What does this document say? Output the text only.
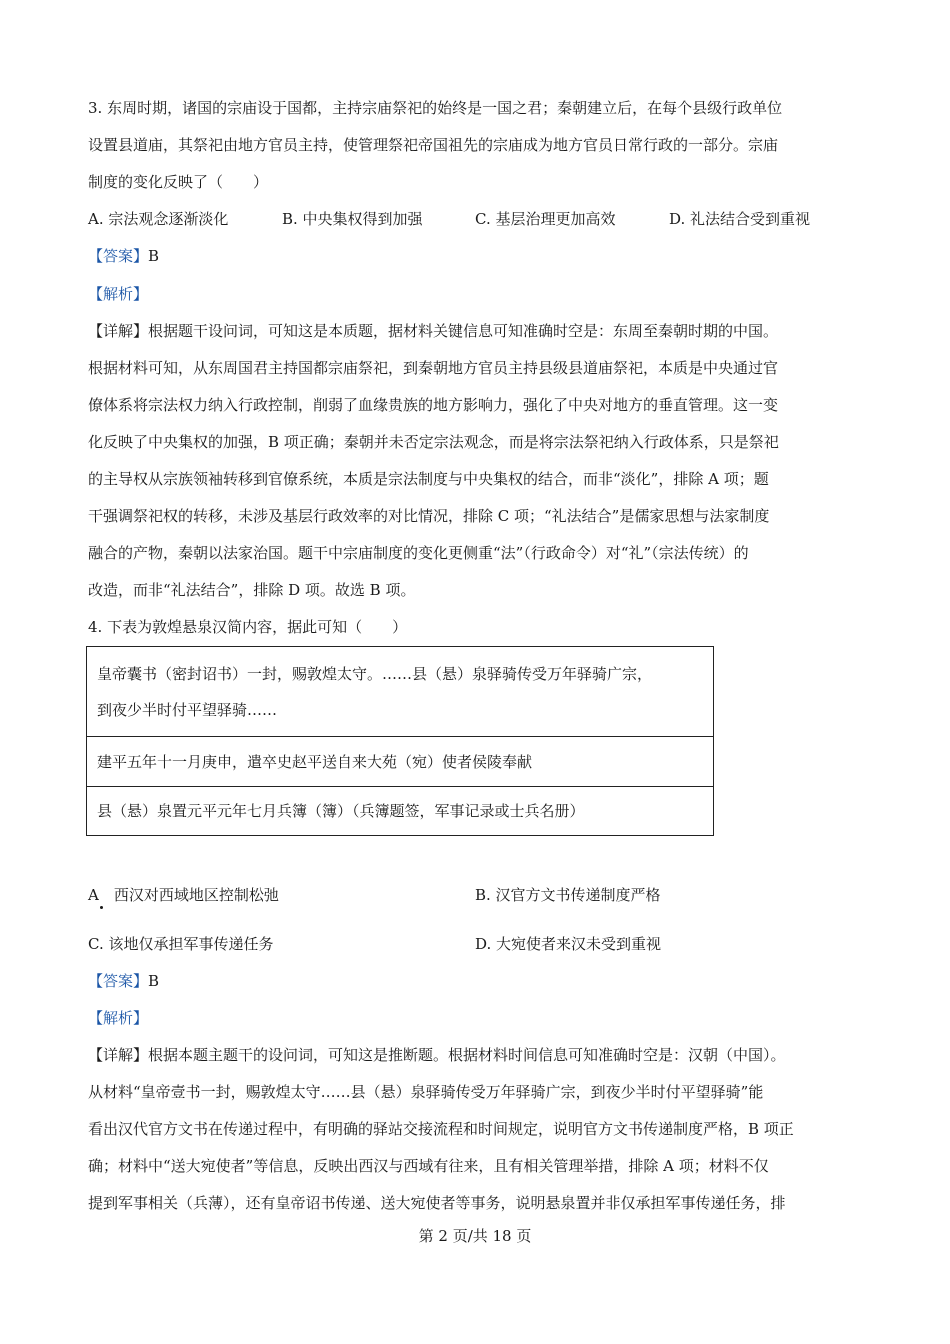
3. 东周时期，诸国的宗庙设于国都，主持宗庙祭祀的始终是一国之君；秦朝建立后，在每个县级行政单位
设置县道庙，其祭祀由地方官员主持，使管理祭祀帝国祖先的宗庙成为地方官员日常行政的一部分。宗庙
制度的变化反映了（　　）
A. 宗法观念逐渐淡化	B. 中央集权得到加强	C. 基层治理更加高效	D. 礼法结合受到重视
【答案】B
【解析】
【详解】根据题干设问词，可知这是本质题，据材料关键信息可知准确时空是：东周至秦朝时期的中国。
根据材料可知，从东周国君主持国都宗庙祭祀，到秦朝地方官员主持县级县道庙祭祀，本质是中央通过官
僚体系将宗法权力纳入行政控制，削弱了血缘贵族的地方影响力，强化了中央对地方的垂直管理。这一变
化反映了中央集权的加强，B 项正确；秦朝并未否定宗法观念，而是将宗法祭祀纳入行政体系，只是祭祀
的主导权从宗族领袖转移到官僚系统，本质是宗法制度与中央集权的结合，而非“淡化”，排除 A 项；题
干强调祭祀权的转移，未涉及基层行政效率的对比情况，排除 C 项；“礼法结合”是儒家思想与法家制度
融合的产物，秦朝以法家治国。题干中宗庙制度的变化更侧重“法”（行政命令）对“礼”（宗法传统）的
改造，而非“礼法结合”，排除 D 项。故选 B 项。
4. 下表为敦煌悬泉汉简内容，据此可知（　　）
皇帝囊书（密封诏书）一封，赐敦煌太守。……县（悬）泉驿骑传受万年驿骑广宗，
到夜少半时付平望驿骑……
建平五年十一月庚申，遣卒史赵平送自来大苑（宛）使者侯陵奉献
县（悬）泉置元平元年七月兵簿（簿）（兵簿题签，军事记录或士兵名册）
A　西汉对西域地区控制松弛	B. 汉官方文书传递制度严格
C. 该地仅承担军事传递任务	D. 大宛使者来汉未受到重视
【答案】B
【解析】
【详解】根据本题主题干的设问词，可知这是推断题。根据材料时间信息可知准确时空是：汉朝（中国）。
从材料“皇帝壹书一封，赐敦煌太守……县（悬）泉驿骑传受万年驿骑广宗，到夜少半时付平望驿骑”能
看出汉代官方文书在传递过程中，有明确的驿站交接流程和时间规定，说明官方文书传递制度严格，B 项正
确；材料中“送大宛使者”等信息，反映出西汉与西域有往来，且有相关管理举措，排除 A 项；材料不仅
提到军事相关（兵薄），还有皇帝诏书传递、送大宛使者等事务，说明悬泉置并非仅承担军事传递任务，排
第 2 页/共 18 页
